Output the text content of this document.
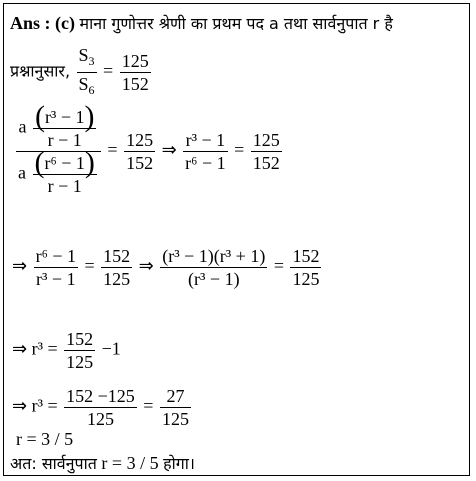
Ans : (c) माना गुणोत्तर श्रेणी का प्रथम पद a तथा सार्वनुपात r है
प्रश्नानुसार, $\frac{S_3}{S_6} = \frac{125}{152}$
$\frac{a \frac{\text{(r³ − 1)}}{r - 1}}{a \frac{\text{(r⁶ − 1)}}{r - 1}} = \frac{125}{152}$ ⇒ $\frac{\text{r³ − 1}}{\text{r⁶ − 1}} = \frac{125}{152}$
⇒ $\frac{\text{r⁶ − 1}}{\text{r³ − 1}} = \frac{152}{125}$ ⇒ $\frac{\text{(r³ − 1)(r³ + 1)}}{\text{(r³ − 1)}} = \frac{152}{125}$
⇒ $r^3 = \frac{152}{125} -1$
⇒ $r^3 = \frac{152 -125}{125} = \frac{27}{125}$
r = 3 / 5
अत: सार्वनुपात r = 3 / 5 होगा।
